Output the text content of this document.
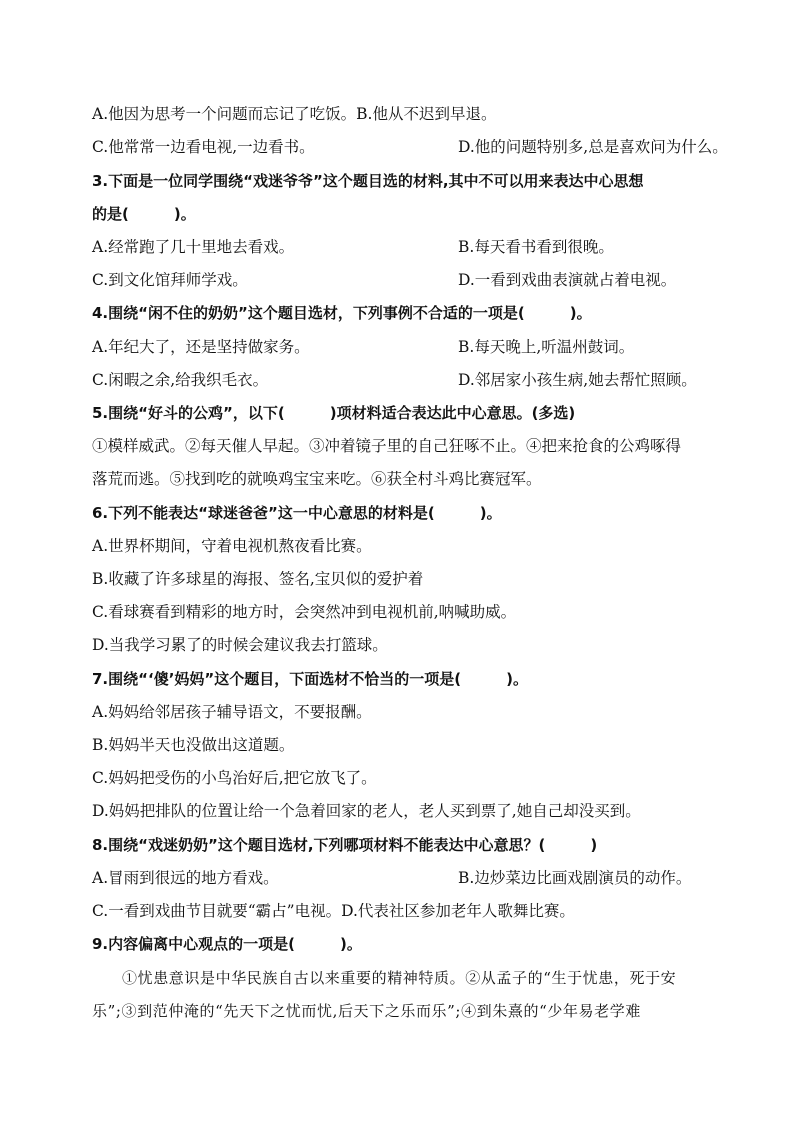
A.他因为思考一个问题而忘记了吃饭。B.他从不迟到早退。
C.他常常一边看电视,一边看书。	D.他的问题特别多,总是喜欢问为什么。
3.下面是一位同学围绕“戏迷爷爷”这个题目选的材料,其中不可以用来表达中心思想
的是(　　　)。
A.经常跑了几十里地去看戏。	B.每天看书看到很晚。
C.到文化馆拜师学戏。	D.一看到戏曲表演就占着电视。
4.围绕“闲不住的奶奶”这个题目选材，下列事例不合适的一项是(　　　)。
A.年纪大了，还是坚持做家务。	B.每天晚上,听温州鼓词。
C.闲暇之余,给我织毛衣。	D.邻居家小孩生病,她去帮忙照顾。
5.围绕“好斗的公鸡”，以下(　　　)项材料适合表达此中心意思。(多选)
①模样威武。②每天催人早起。③冲着镜子里的自己狂啄不止。④把来抢食的公鸡啄得
落荒而逃。⑤找到吃的就唤鸡宝宝来吃。⑥获全村斗鸡比赛冠军。
6.下列不能表达“球迷爸爸”这一中心意思的材料是(　　　)。
A.世界杯期间，守着电视机熬夜看比赛。
B.收藏了许多球星的海报、签名,宝贝似的爱护着
C.看球赛看到精彩的地方时，会突然冲到电视机前,呐喊助威。
D.当我学习累了的时候会建议我去打篮球。
7.围绕“‘傻’妈妈”这个题目，下面选材不恰当的一项是(　　　)。
A.妈妈给邻居孩子辅导语文，不要报酬。
B.妈妈半天也没做出这道题。
C.妈妈把受伤的小鸟治好后,把它放飞了。
D.妈妈把排队的位置让给一个急着回家的老人，老人买到票了,她自己却没买到。
8.围绕“戏迷奶奶”这个题目选材,下列哪项材料不能表达中心意思？(　　　)
A.冒雨到很远的地方看戏。	B.边炒菜边比画戏剧演员的动作。
C.一看到戏曲节目就要“霸占”电视。D.代表社区参加老年人歌舞比赛。
9.内容偏离中心观点的一项是(　　　)。
①忧患意识是中华民族自古以来重要的精神特质。②从孟子的“生于忧患，死于安
乐”;③到范仲淹的“先天下之忧而忧,后天下之乐而乐”;④到朱熹的“少年易老学难
